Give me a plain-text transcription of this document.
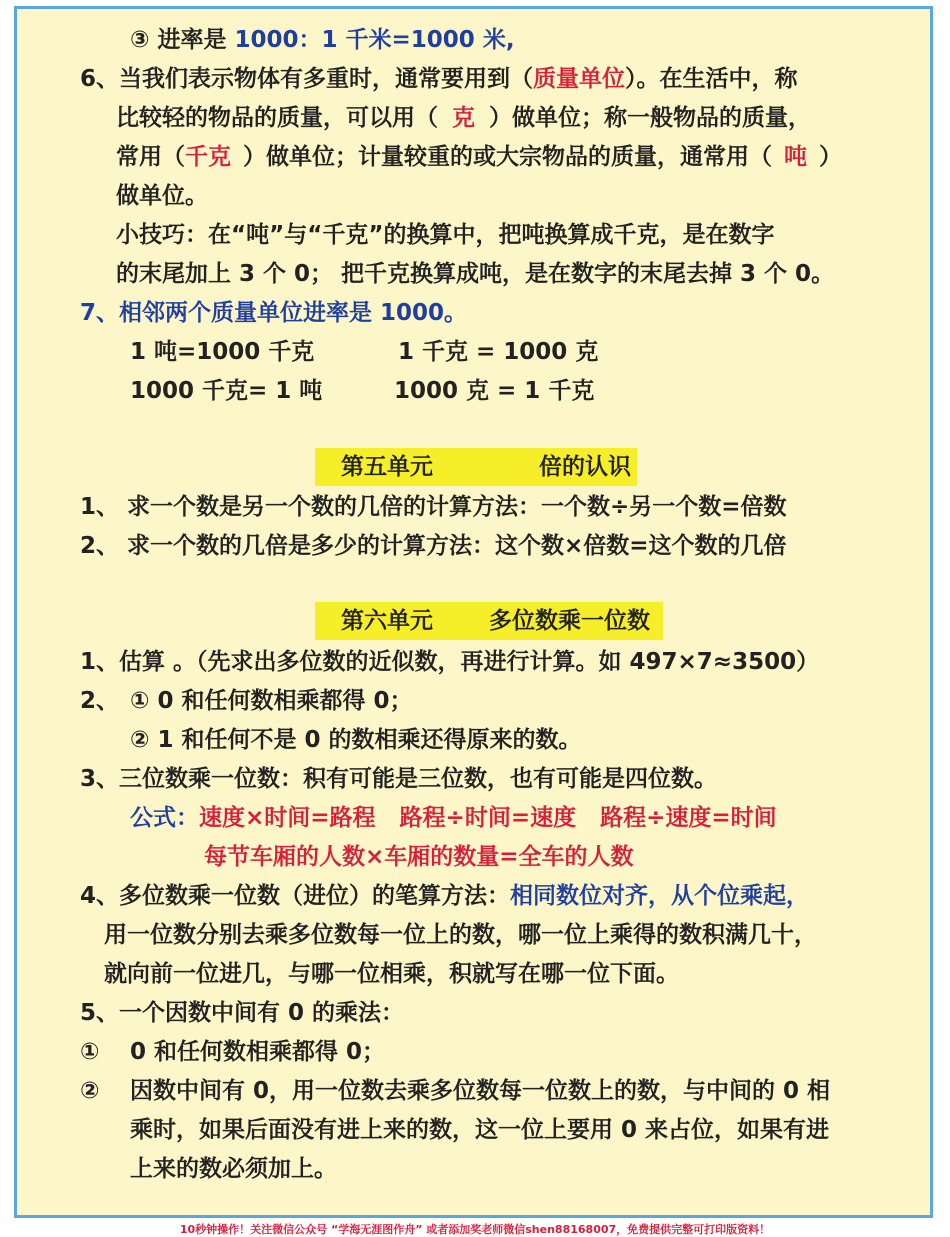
③ 进率是 1000：1 千米=1000 米,
6、当我们表示物体有多重时，通常要用到（质量单位）。在生活中，称
比较轻的物品的质量，可以用（ 克 ）做单位；称一般物品的质量，
常用（千克 ）做单位；计量较重的或大宗物品的质量，通常用（ 吨 ）
做单位。
小技巧：在“吨”与“千克”的换算中，把吨换算成千克，是在数字
的末尾加上 3 个 0； 把千克换算成吨，是在数字的末尾去掉 3 个 0。
7、相邻两个质量单位进率是 1000。
1 吨=1000 千克	1 千克 = 1000 克
1000 千克= 1 吨	1000 克 = 1 千克
第五单元	倍的认识
1、 求一个数是另一个数的几倍的计算方法：一个数÷另一个数=倍数
2、 求一个数的几倍是多少的计算方法：这个数×倍数=这个数的几倍
第六单元 多位数乘一位数
1、估算 。（先求出多位数的近似数，再进行计算。如 497×7≈3500）
2、 ① 0 和任何数相乘都得 0；
② 1 和任何不是 0 的数相乘还得原来的数。
3、三位数乘一位数：积有可能是三位数，也有可能是四位数。
公式：速度×时间=路程 路程÷时间=速度 路程÷速度=时间
每节车厢的人数×车厢的数量=全车的人数
4、多位数乘一位数（进位）的笔算方法：相同数位对齐，从个位乘起，
用一位数分别去乘多位数每一位上的数，哪一位上乘得的数积满几十，
就向前一位进几，与哪一位相乘，积就写在哪一位下面。
5、一个因数中间有 0 的乘法：
① 0 和任何数相乘都得 0；
② 因数中间有 0，用一位数去乘多位数每一位数上的数，与中间的 0 相
乘时，如果后面没有进上来的数，这一位上要用 0 来占位，如果有进
上来的数必须加上。
10秒钟操作！关注微信公众号 “学海无涯图作舟” 或者添加奖老师微信shen88168007，免费提供完整可打印版资料！
